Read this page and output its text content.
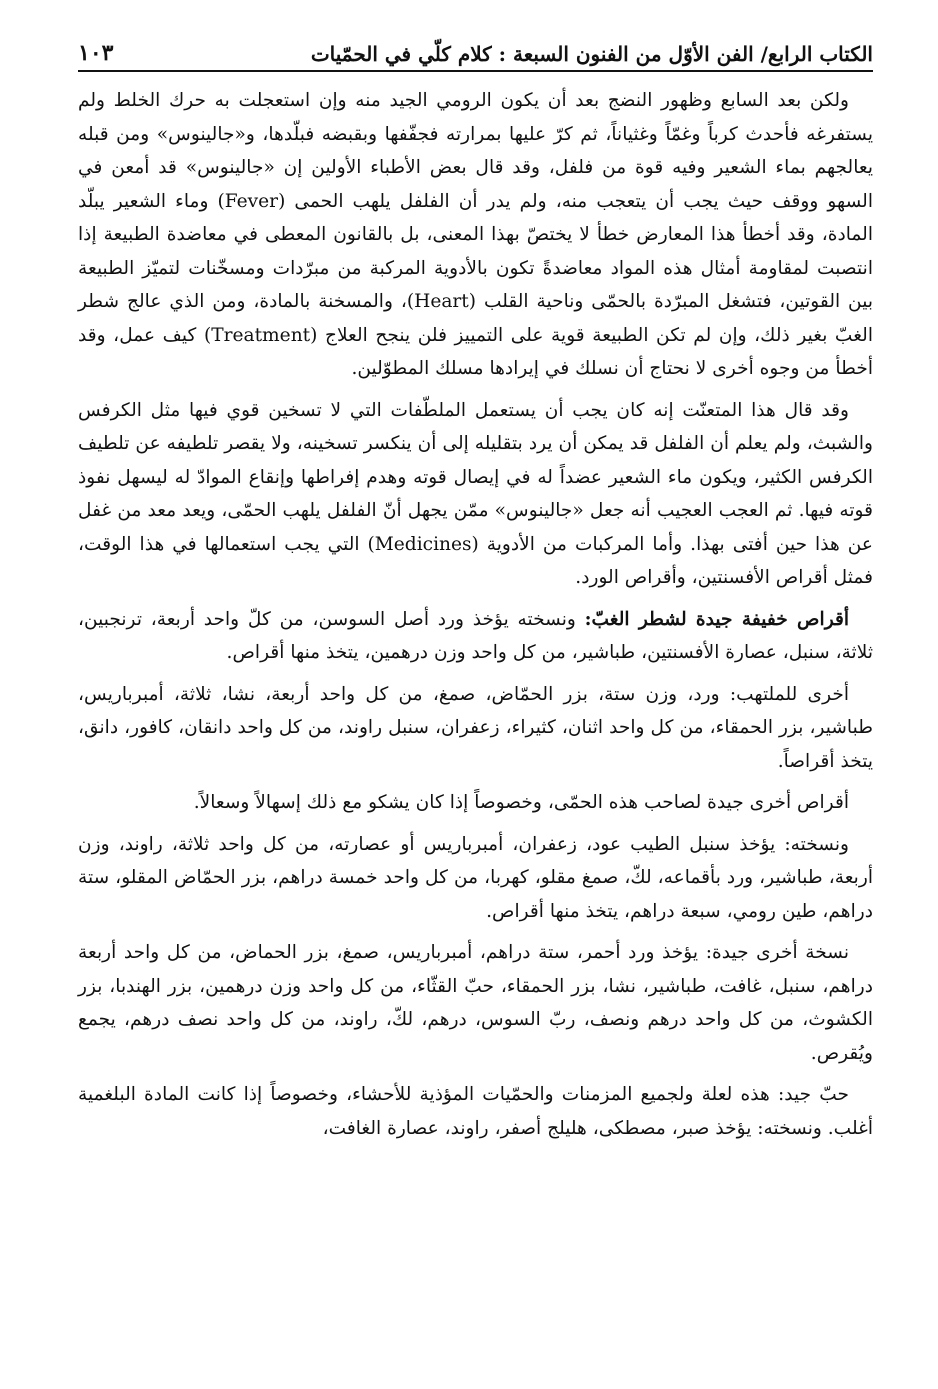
الكتاب الرابع/ الفن الأوّل من الفنون السبعة : كلام كلّي في الحمّيات
١٠٣

ولكن بعد السابع وظهور النضج بعد أن يكون الرومي الجيد منه وإن استعجلت به حرك الخلط ولم يستفرغه فأحدث كرباً وغمّاً وغثياناً، ثم كرّ عليها بمرارته فجفّفها وبقبضه فبلّدها، و«جالينوس» ومن قبله يعالجهم بماء الشعير وفيه قوة من فلفل، وقد قال بعض الأطباء الأولين إن «جالينوس» قد أمعن في السهو ووقف حيث يجب أن يتعجب منه، ولم يدر أن الفلفل يلهب الحمى (Fever) وماء الشعير يبلّد المادة، وقد أخطأ هذا المعارض خطأ لا يختصّ بهذا المعنى، بل بالقانون المعطى في معاضدة الطبيعة إذا انتصبت لمقاومة أمثال هذه المواد معاضدةً تكون بالأدوية المركبة من مبرّدات ومسخّنات لتميّز الطبيعة بين القوتين، فتشغل المبرّدة بالحمّى وناحية القلب (Heart)، والمسخنة بالمادة، ومن الذي عالج شطر الغبّ بغير ذلك، وإن لم تكن الطبيعة قوية على التمييز فلن ينجح العلاج (Treatment) كيف عمل، وقد أخطأ من وجوه أخرى لا نحتاج أن نسلك في إيرادها مسلك المطوّلين.

وقد قال هذا المتعنّت إنه كان يجب أن يستعمل الملطّفات التي لا تسخين قوي فيها مثل الكرفس والشبث، ولم يعلم أن الفلفل قد يمكن أن يرد بتقليله إلى أن ينكسر تسخينه، ولا يقصر تلطيفه عن تلطيف الكرفس الكثير، ويكون ماء الشعير عضداً له في إيصال قوته وهدم إفراطها وإنقاع الموادّ له ليسهل نفوذ قوته فيها. ثم العجب العجيب أنه جعل «جالينوس» ممّن يجهل أنّ الفلفل يلهب الحمّى، ويعد معد من غفل عن هذا حين أفتى بهذا. وأما المركبات من الأدوية (Medicines) التي يجب استعمالها في هذا الوقت، فمثل أقراص الأفسنتين، وأقراص الورد.

أقراص خفيفة جيدة لشطر الغبّ: ونسخته يؤخذ ورد أصل السوسن، من كلّ واحد أربعة، ترنجبين، ثلاثة، سنبل، عصارة الأفسنتين، طباشير، من كل واحد وزن درهمين، يتخذ منها أقراص.

أخرى للملتهب: ورد، وزن ستة، بزر الحمّاض، صمغ، من كل واحد أربعة، نشا، ثلاثة، أمبرباريس، طباشير، بزر الحمقاء، من كل واحد اثنان، كثيراء، زعفران، سنبل راوند، من كل واحد دانقان، كافور، دانق، يتخذ أقراصاً.

أقراص أخرى جيدة لصاحب هذه الحمّى، وخصوصاً إذا كان يشكو مع ذلك إسهالاً وسعالاً.

ونسخته: يؤخذ سنبل الطيب عود، زعفران، أمبرباريس أو عصارته، من كل واحد ثلاثة، راوند، وزن أربعة، طباشير، ورد بأقماعه، لكّ، صمغ مقلو، كهربا، من كل واحد خمسة دراهم، بزر الحمّاض المقلو، ستة دراهم، طين رومي، سبعة دراهم، يتخذ منها أقراص.

نسخة أخرى جيدة: يؤخذ ورد أحمر، ستة دراهم، أمبرباريس، صمغ، بزر الحماض، من كل واحد أربعة دراهم، سنبل، غافت، طباشير، نشا، بزر الحمقاء، حبّ القثّاء، من كل واحد وزن درهمين، بزر الهندبا، بزر الكشوث، من كل واحد درهم ونصف، ربّ السوس، درهم، لكّ، راوند، من كل واحد نصف درهم، يجمع ويُقرص.

حبّ جيد: هذه لعلة ولجميع المزمنات والحمّيات المؤذية للأحشاء، وخصوصاً إذا كانت المادة البلغمية أغلب. ونسخته: يؤخذ صبر، مصطكى، هليلج أصفر، راوند، عصارة الغافت،
